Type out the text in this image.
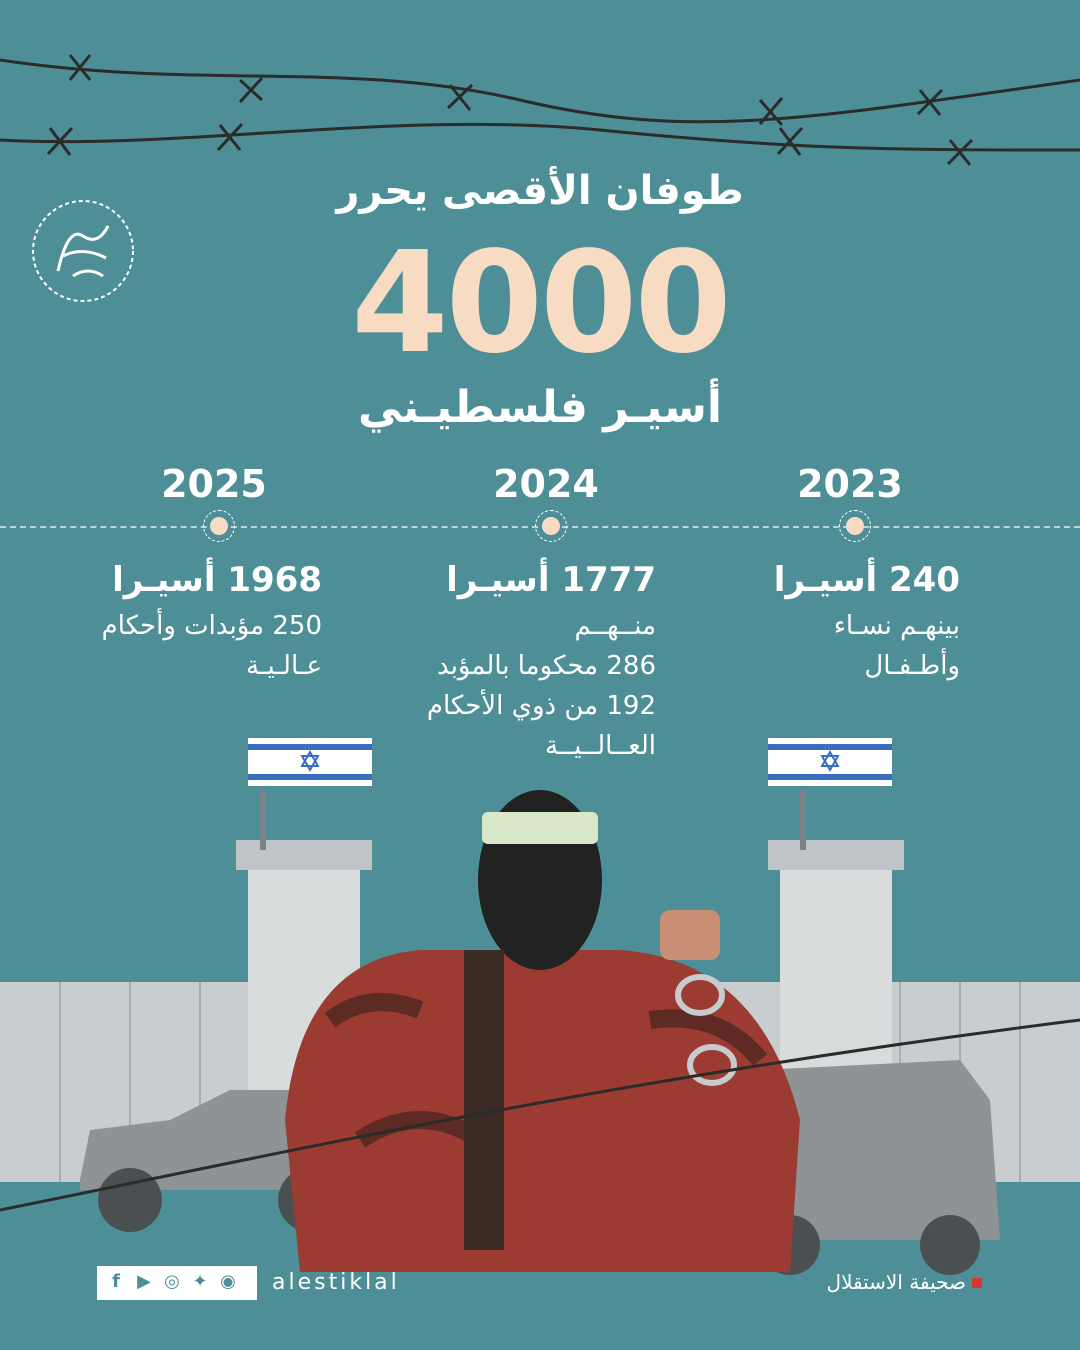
طوفان الأقصى يحرر
4000
أسيـر فلسطيـني
2023
2024
2025
240 أسيـرا
بينهـم نسـاء
وأطـفـال
1777 أسيـرا
منــهــم
286 محكوما بالمؤبد
192 من ذوي الأحكام
العــالــيــة
1968 أسيـرا
250 مؤبدات وأحكام
عـالـيـة
f ▶ ◎ ✦ ◉ alestiklal	صحيفة الاستقلال
